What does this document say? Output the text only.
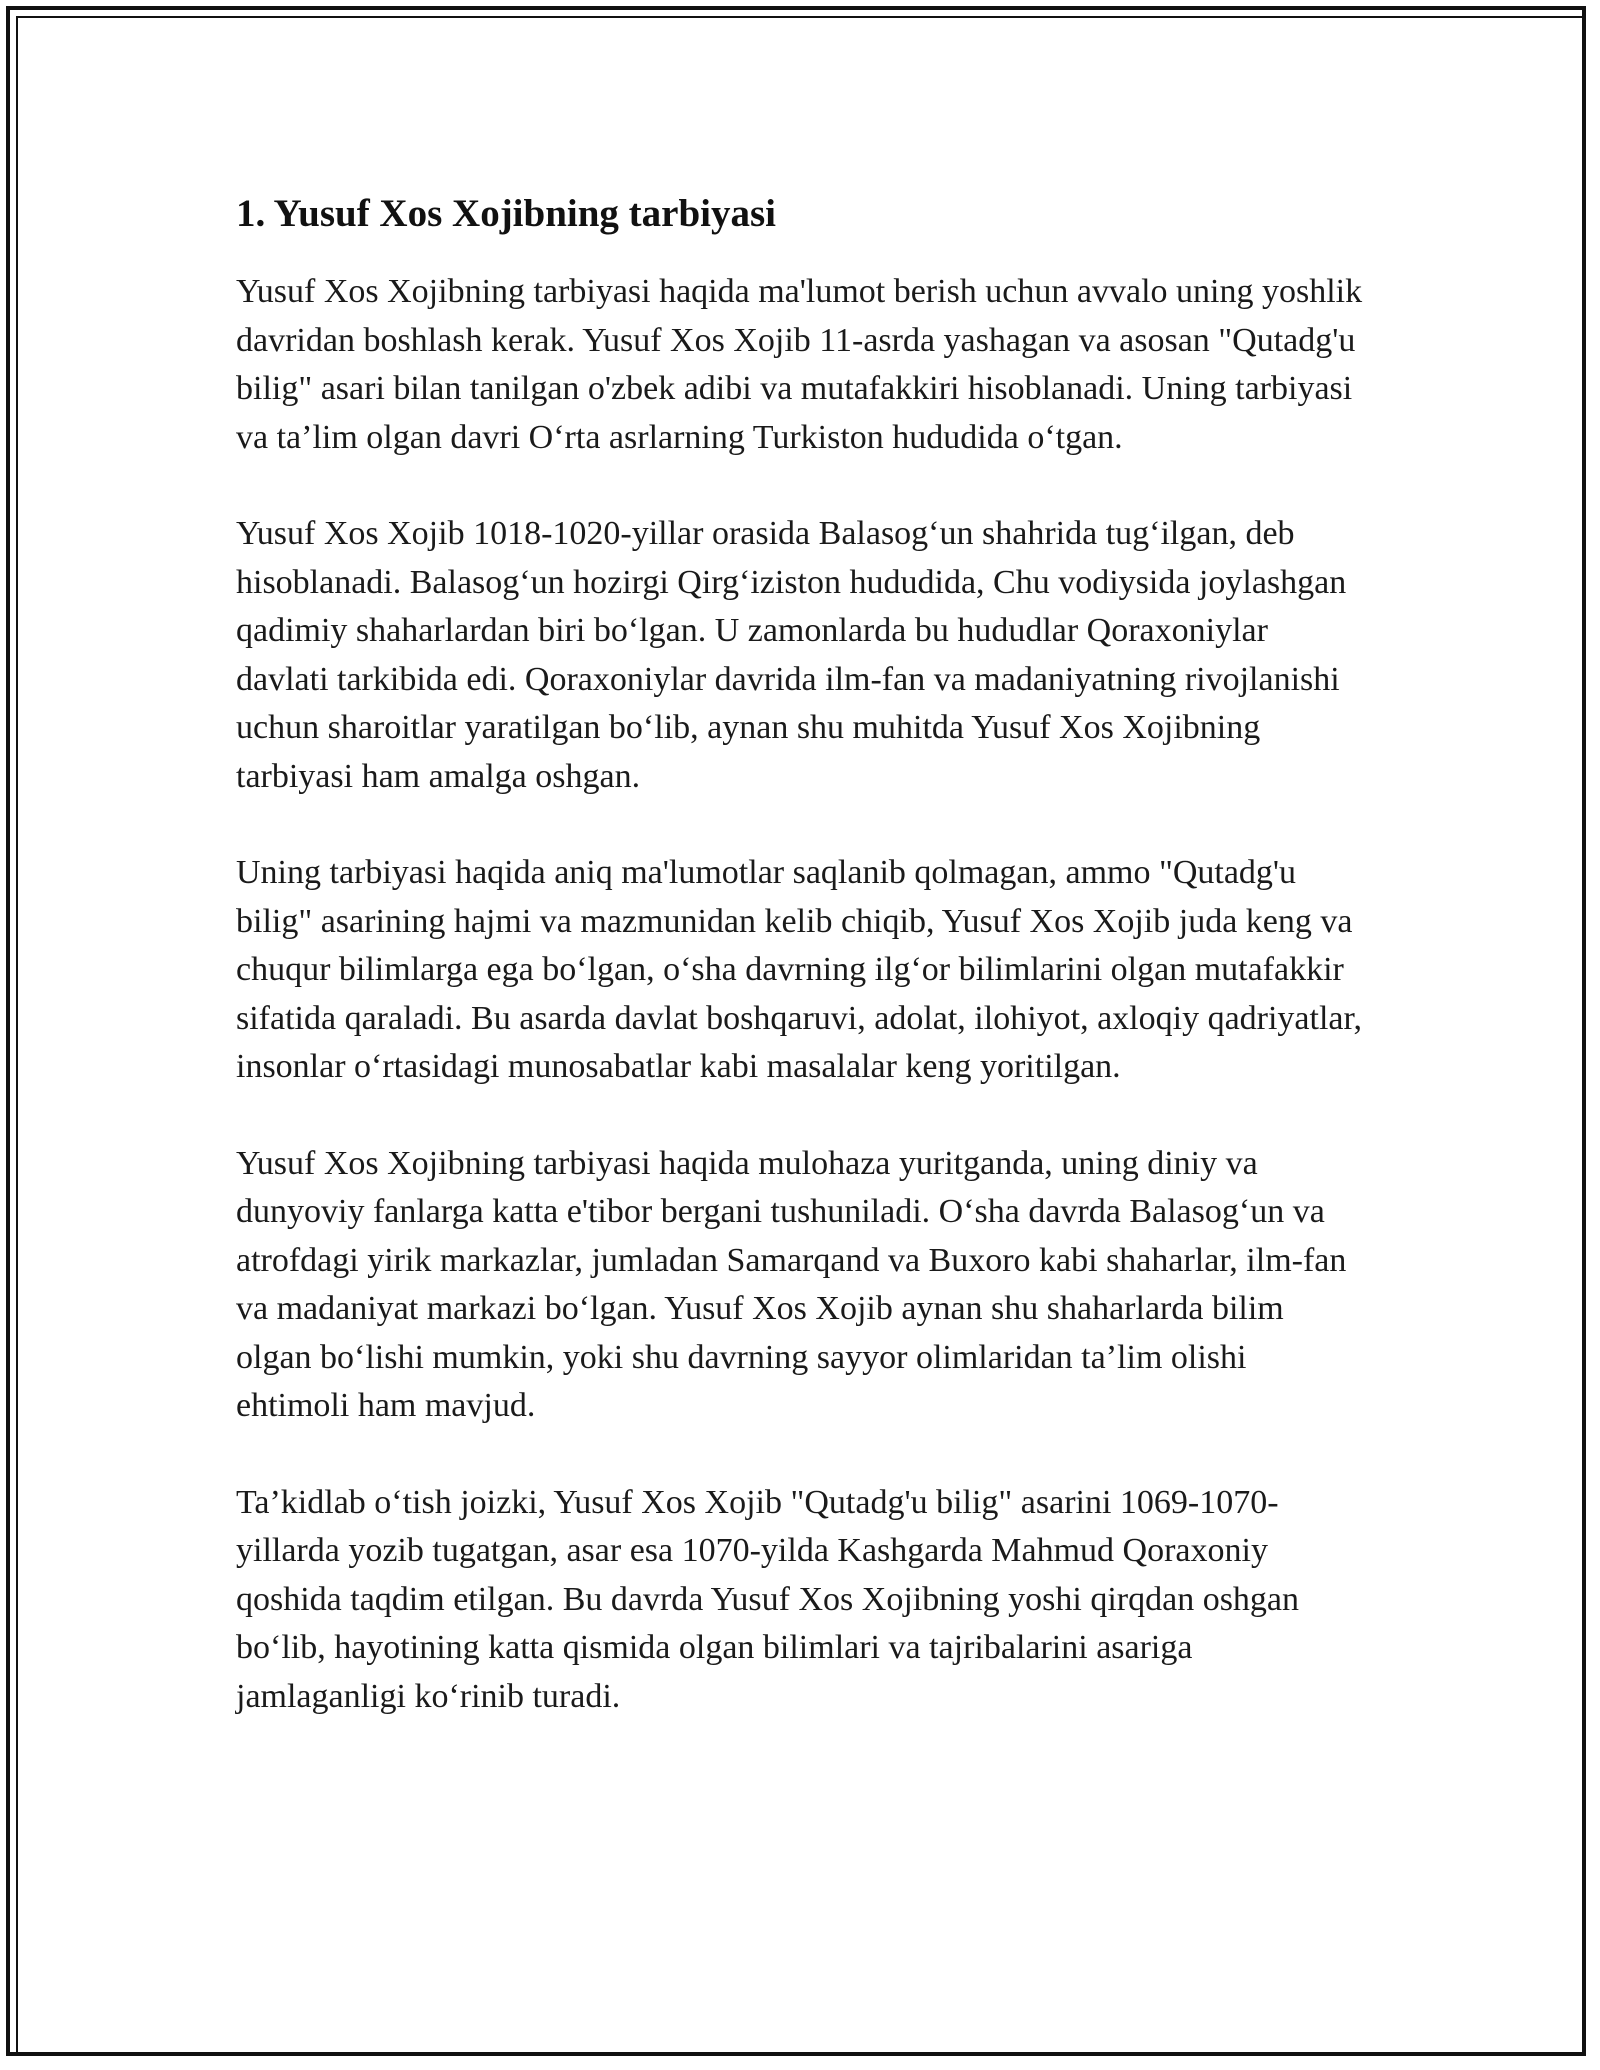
1. Yusuf Xos Xojibning tarbiyasi

Yusuf Xos Xojibning tarbiyasi haqida ma'lumot berish uchun avvalo uning yoshlik davridan boshlash kerak. Yusuf Xos Xojib 11-asrda yashagan va asosan "Qutadg'u bilig" asari bilan tanilgan o'zbek adibi va mutafakkiri hisoblanadi. Uning tarbiyasi va ta’lim olgan davri O‘rta asrlarning Turkiston hududida o‘tgan.

Yusuf Xos Xojib 1018-1020-yillar orasida Balasog‘un shahrida tug‘ilgan, deb hisoblanadi. Balasog‘un hozirgi Qirg‘iziston hududida, Chu vodiysida joylashgan qadimiy shaharlardan biri bo‘lgan. U zamonlarda bu hududlar Qoraxoniylar davlati tarkibida edi. Qoraxoniylar davrida ilm-fan va madaniyatning rivojlanishi uchun sharoitlar yaratilgan bo‘lib, aynan shu muhitda Yusuf Xos Xojibning tarbiyasi ham amalga oshgan.

Uning tarbiyasi haqida aniq ma'lumotlar saqlanib qolmagan, ammo "Qutadg'u bilig" asarining hajmi va mazmunidan kelib chiqib, Yusuf Xos Xojib juda keng va chuqur bilimlarga ega bo‘lgan, o‘sha davrning ilg‘or bilimlarini olgan mutafakkir sifatida qaraladi. Bu asarda davlat boshqaruvi, adolat, ilohiyot, axloqiy qadriyatlar, insonlar o‘rtasidagi munosabatlar kabi masalalar keng yoritilgan.

Yusuf Xos Xojibning tarbiyasi haqida mulohaza yuritganda, uning diniy va dunyoviy fanlarga katta e'tibor bergani tushuniladi. O‘sha davrda Balasog‘un va atrofdagi yirik markazlar, jumladan Samarqand va Buxoro kabi shaharlar, ilm-fan va madaniyat markazi bo‘lgan. Yusuf Xos Xojib aynan shu shaharlarda bilim olgan bo‘lishi mumkin, yoki shu davrning sayyor olimlaridan ta’lim olishi ehtimoli ham mavjud.

Ta’kidlab o‘tish joizki, Yusuf Xos Xojib "Qutadg'u bilig" asarini 1069-1070-yillarda yozib tugatgan, asar esa 1070-yilda Kashgarda Mahmud Qoraxoniy qoshida taqdim etilgan. Bu davrda Yusuf Xos Xojibning yoshi qirqdan oshgan bo‘lib, hayotining katta qismida olgan bilimlari va tajribalarini asariga jamlaganligi ko‘rinib turadi.
